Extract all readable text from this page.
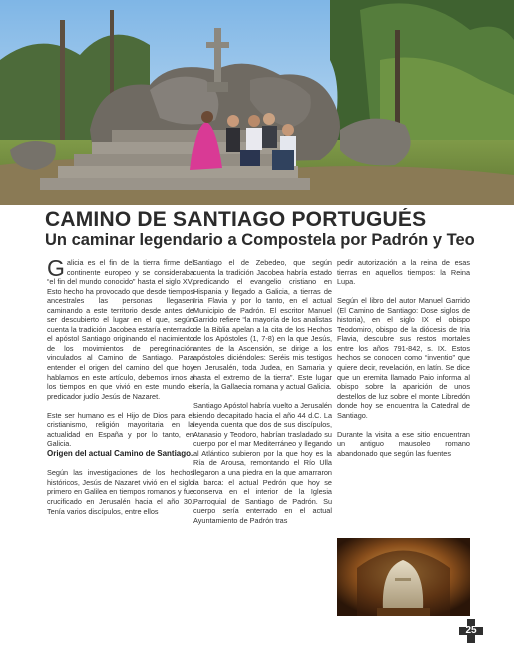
CAMINO DE SANTIAGO PORTUGUÉS
Un caminar legendario a Compostela por Padrón y Teo

Galicia es el fin de la tierra firme del continente europeo y se consideraba “el fin del mundo conocido” hasta el siglo XV. Esto hecho ha provocado que desde tiempos ancestrales las personas llegasen caminando a este territorio desde antes de ser descubierto el lugar en el que, según cuenta la tradición Jacobea estaría enterrado el apóstol Santiago originando el nacimiento de los movimientos de peregrinación vinculados al Camino de Santiago. Para entender el origen del camino del que hoy hablamos en este artículo, debemos irnos a los tiempos en que vivió en este mundo el predicador judío Jesús de Nazaret.

Este ser humano es el Hijo de Dios para el cristianismo, religión mayoritaria en la actualidad en España y por lo tanto, en Galicia.

Origen del actual Camino de Santiago.

Según las investigaciones de los hechos históricos, Jesús de Nazaret vivió en el siglo primero en Galilea en tiempos romanos y fue crucificado en Jerusalén hacia el año 30. Tenía varios discípulos, entre ellos

Santiago el de Zebedeo, que según cuenta la tradición Jacobea habría estado predicando el evangelio cristiano en Hispania y llegado a Galicia, a tierras de Iria Flavia y por lo tanto, en el actual Municipio de Padrón. El escritor Manuel Garrido refiere “la mayoría de los analistas de la Biblia apelan a la cita de los Hechos de los Apóstoles (1, 7-8) en la que Jesús, antes de la Ascensión, se dirige a los apóstoles diciéndoles: Seréis mis testigos en Jerusalén, toda Judea, en Samaria y hasta el extremo de la tierra”. Este lugar sería, la Gallaecia romana y actual Galicia.

Santiago Apóstol habría vuelto a Jerusalén siendo decapitado hacia el año 44 d.C. La leyenda cuenta que dos de sus discípulos, Atanasio y Teodoro, habrían trasladado su cuerpo por el mar Mediterráneo y llegando al Atlántico subieron por la que hoy es la Ría de Arousa, remontando el Río Ulla llegaron a una piedra en la que amarraron la barca: el actual Pedrón que hoy se conserva en el interior de la Iglesia Parroquial de Santiago de Padrón. Su cuerpo sería enterrado en el actual Ayuntamiento de Padrón tras

pedir autorización a la reina de esas tierras en aquellos tiempos: la Reina Lupa.

Según el libro del autor Manuel Garrido (El Camino de Santiago: Dose siglos de historia), en el siglo IX el obispo Teodomiro, obispo de la diócesis de Iria Flavia, descubre sus restos mortales entre los años 791-842, s. IX. Estos hechos se conocen como “inventio” que quiere decir, revelación, en latín. Se dice que un eremita llamado Paio informa al obispo sobre la aparición de unos destellos de luz sobre el monte Libredón donde hoy se encuentra la Catedral de Santiago.

Durante la visita a ese sitio encuentran un antiguo mausoleo romano abandonado que según las fuentes

25
